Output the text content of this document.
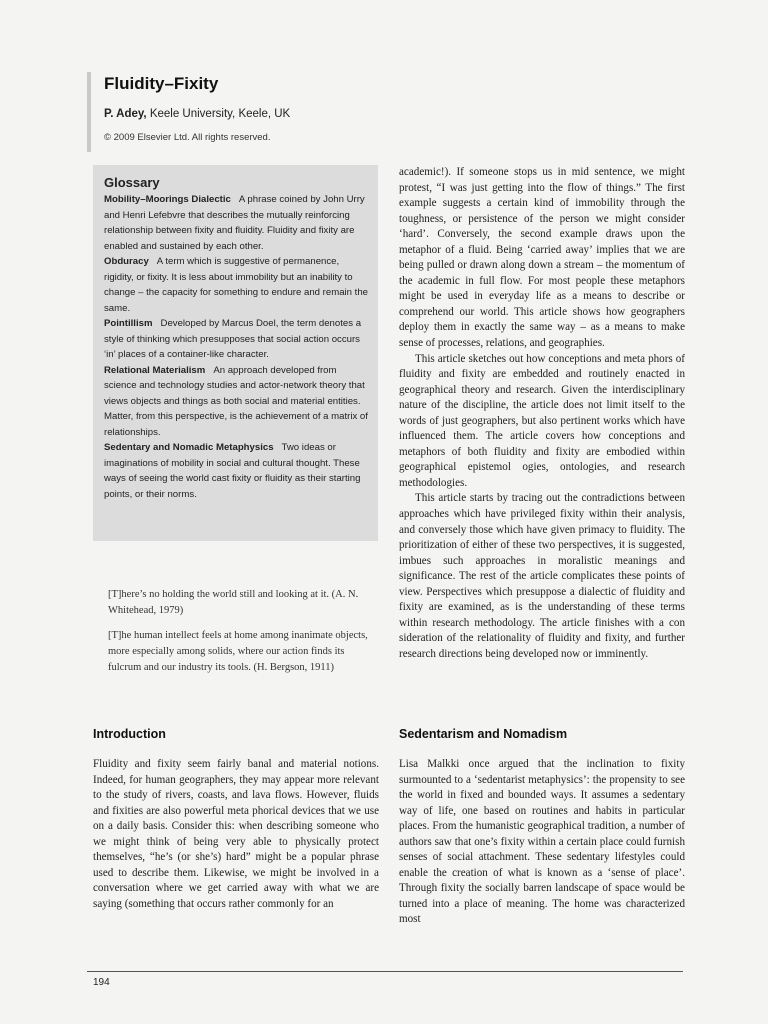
Fluidity–Fixity
P. Adey, Keele University, Keele, UK
© 2009 Elsevier Ltd. All rights reserved.
Glossary

Mobility–Moorings Dialectic A phrase coined by John Urry and Henri Lefebvre that describes the mutually reinforcing relationship between fixity and fluidity. Fluidity and fixity are enabled and sustained by each other.

Obduracy A term which is suggestive of permanence, rigidity, or fixity. It is less about immobility but an inability to change – the capacity for something to endure and remain the same.

Pointillism Developed by Marcus Doel, the term denotes a style of thinking which presupposes that social action occurs ‘in’ places of a container-like character.

Relational Materialism An approach developed from science and technology studies and actor-network theory that views objects and things as both social and material entities. Matter, from this perspective, is the achievement of a matrix of relationships.

Sedentary and Nomadic Metaphysics Two ideas or imaginations of mobility in social and cultural thought. These ways of seeing the world cast fixity or fluidity as their starting points, or their norms.

[T]here’s no holding the world still and looking at it. (A. N. Whitehead, 1979)

[T]he human intellect feels at home among inanimate objects, more especially among solids, where our action finds its fulcrum and our industry its tools. (H. Bergson, 1911)

Introduction

Fluidity and fixity seem fairly banal and material notions. Indeed, for human geographers, they may appear more relevant to the study of rivers, coasts, and lava flows. However, fluids and fixities are also powerful meta phorical devices that we use on a daily basis. Consider this: when describing someone who we might think of being very able to physically protect themselves, “he’s (or she’s) hard” might be a popular phrase used to describe them. Likewise, we might be involved in a conversation where we get carried away with what we are saying (something that occurs rather commonly for an

academic!). If someone stops us in mid sentence, we might protest, “I was just getting into the flow of things.” The first example suggests a certain kind of immobility through the toughness, or persistence of the person we might consider ‘hard’. Conversely, the second example draws upon the metaphor of a fluid. Being ‘carried away’ implies that we are being pulled or drawn along down a stream – the momentum of the academic in full flow. For most people these metaphors might be used in everyday life as a means to describe or comprehend our world. This article shows how geographers deploy them in exactly the same way – as a means to make sense of processes, relations, and geographies.

This article sketches out how conceptions and meta phors of fluidity and fixity are embedded and routinely enacted in geographical theory and research. Given the interdisciplinary nature of the discipline, the article does not limit itself to the words of just geographers, but also pertinent works which have influenced them. The article covers how conceptions and metaphors of both fluidity and fixity are embodied within geographical epistemol ogies, ontologies, and research methodologies.

This article starts by tracing out the contradictions between approaches which have privileged fixity within their analysis, and conversely those which have given primacy to fluidity. The prioritization of either of these two perspectives, it is suggested, imbues such approaches in moralistic meanings and significance. The rest of the article complicates these points of view. Perspectives which presuppose a dialectic of fluidity and fixity are examined, as is the understanding of these terms within research methodology. The article finishes with a con sideration of the relationality of fluidity and fixity, and further research directions being developed now or imminently.

Sedentarism and Nomadism

Lisa Malkki once argued that the inclination to fixity surmounted to a ‘sedentarist metaphysics’: the propensity to see the world in fixed and bounded ways. It assumes a sedentary way of life, one based on routines and habits in particular places. From the humanistic geographical tradition, a number of authors saw that one’s fixity within a certain place could furnish senses of social attachment. These sedentary lifestyles could enable the creation of what is known as a ‘sense of place’. Through fixity the socially barren landscape of space would be turned into a place of meaning. The home was characterized most

194
